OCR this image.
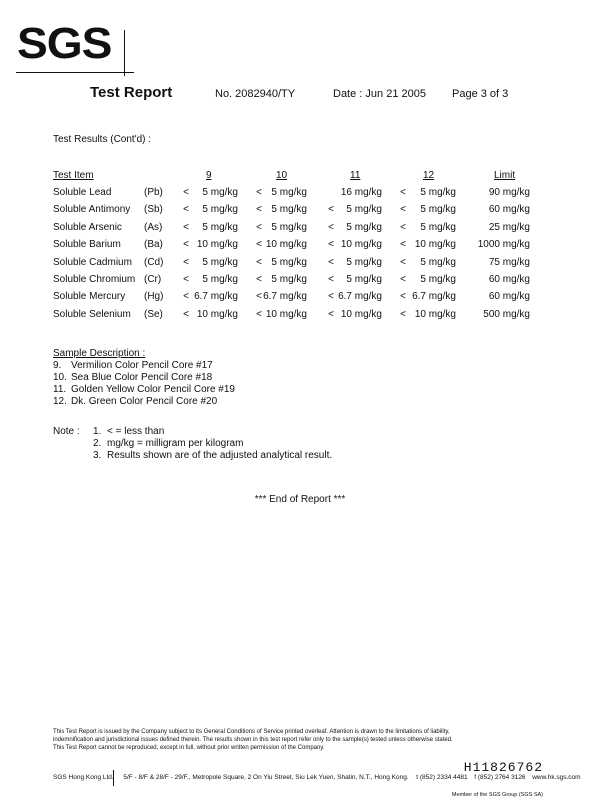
SGS
Test Report	No. 2082940/TY	Date : Jun 21 2005 Page 3 of 3
Test Results (Cont'd) :
Test Item	9	10	11	12	Limit
Soluble Lead	(Pb) < 5 mg/kg < 5 mg/kg	16 mg/kg < 5 mg/kg	90 mg/kg
Soluble Antimony (Sb) < 5 mg/kg < 5 mg/kg < 5 mg/kg < 5 mg/kg	60 mg/kg
Soluble Arsenic (As) < 5 mg/kg < 5 mg/kg < 5 mg/kg < 5 mg/kg	25 mg/kg
Soluble Barium (Ba) < 10 mg/kg < 10 mg/kg < 10 mg/kg < 10 mg/kg 1000 mg/kg
Soluble Cadmium (Cd) < 5 mg/kg < 5 mg/kg < 5 mg/kg < 5 mg/kg	75 mg/kg
Soluble Chromium (Cr) < 5 mg/kg < 5 mg/kg < 5 mg/kg < 5 mg/kg	60 mg/kg
Soluble Mercury (Hg) < 6.7 mg/kg < 6.7 mg/kg < 6.7 mg/kg < 6.7 mg/kg	60 mg/kg
Soluble Selenium (Se) < 10 mg/kg < 10 mg/kg < 10 mg/kg < 10 mg/kg	500 mg/kg
Sample Description :
9. Vermilion Color Pencil Core #17
10. Sea Blue Color Pencil Core #18
11. Golden Yellow Color Pencil Core #19
12. Dk. Green Color Pencil Core #20
Note : 1. < = less than
2. mg/kg = milligram per kilogram
3. Results shown are of the adjusted analytical result.
*** End of Report ***
This Test Report is issued by the Company subject to its General Conditions of Service printed overleaf. Attention is drawn to the limitations of liability,
indemnification and jurisdictional issues defined therein. The results shown in this test report refer only to the sample(s) tested unless otherwise stated.
This Test Report cannot be reproduced, except in full, without prior written permission of the Company.
H11826762
SGS Hong Kong Ltd. 5/F - 8/F & 28/F - 29/F., Metropole Square, 2 On Yiu Street, Siu Lek Yuen, Shatin, N.T., Hong Kong. t (852) 2334 4481 f (852) 2764 3126 www.hk.sgs.com
Member of the SGS Group (SGS SA)
